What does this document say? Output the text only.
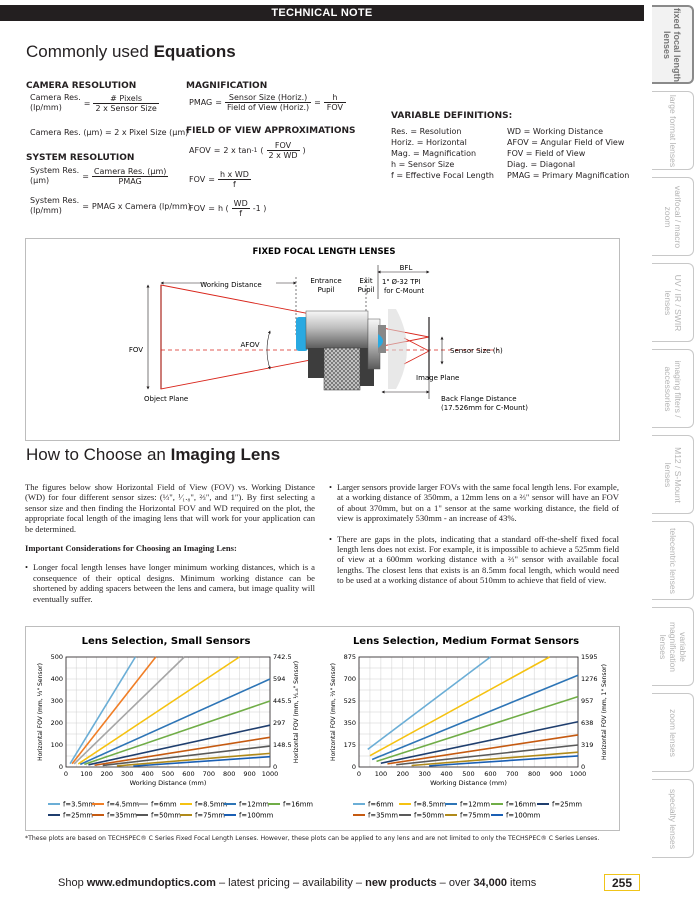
TECHNICAL NOTE	fixed focal length lenses
large format lenses
varifocal / macro zoom
UV / IR / SWIR lenses
imaging filters / accessories
M12 / S-Mount lenses
telecentric lenses
variable magnification lenses
zoom lenses
specialty lenses
Commonly used Equations
CAMERA RESOLUTION
Camera Res.
(lp/mm)	= $\frac{\text{\# Pixels}}{\text{2 x Sensor Size}}$
Camera Res. (µm) = 2 x Pixel Size (µm)
SYSTEM RESOLUTION
System Res.
(µm)	= $\frac{\text{Camera Res. (µm)}}{\text{PMAG}}$
System Res.
(lp/mm)	= PMAG x Camera (lp/mm)
MAGNIFICATION
PMAG = $\frac{\text{Sensor Size (Horiz.)}}{\text{Field of View (Horiz.)}} = \frac{h}{\text{FOV}}$
FIELD OF VIEW APPROXIMATIONS
AFOV = 2 x tan -1 ( $\frac{\text{FOV}}{\text{2 x WD}}$ )
FOV = $\frac{\text{h x WD}}{f}$
FOV = h ( $\frac{WD}{f} -1$ )
VARIABLE DEFINITIONS:
Res. = Resolution
Horiz. = Horizontal
Mag. = Magnification
h = Sensor Size
f = Effective Focal Length
WD = Working Distance
AFOV = Angular Field of View
FOV = Field of View
Diag. = Diagonal
PMAG = Primary Magnification
FIXED FOCAL LENGTH LENSES
FOV
Working Distance	Entrance
Pupil
Exit
Pupil
BFL
1" Ø-32 TPI
for C-Mount
AFOV
Sensor Size (h)
Image Plane
Object Plane	Back Flange Distance
(17.526mm for C-Mount)
How to Choose an Imaging Lens

The figures below show Horizontal Field of View (FOV) vs. Working Distance (WD) for four different sensor sizes: (⅓", ¹⁄₁.₈", ⅔", and 1"). By first selecting a sensor size and then finding the Horizontal FOV and WD required on the plot, the appropriate focal length of the imaging lens that will work for your application can be determined.

Important Considerations for Choosing an Imaging Lens:
• Longer focal length lenses have longer minimum working distances, which is a consequence of their optical designs. Minimum working distance can be shortened by adding spacers between the lens and camera, but image quality will eventually suffer.
• Larger sensors provide larger FOVs with the same focal length lens. For example, at a working distance of 350mm, a 12mm lens on a ⅔" sensor will have an FOV of about 370mm, but on a 1" sensor at the same working distance, the field of view is approximately 530mm - an increase of 43%.
• There are gaps in the plots, indicating that a standard off-the-shelf fixed focal length lens does not exist. For example, it is impossible to achieve a 525mm field of view at a 600mm working distance with a ⅔" sensor with available focal lengths. The closest lens that exists is an 8.5mm focal length, which would need to be used at a working distance of about 510mm to achieve that field of view.
Lens Selection, Small Sensors
0 100 200 300 400 500 600 700 800 900 1000
0
100
200
300
400
500
0
148.5
297
445.5
594
742.5
Working Distance (mm)
Horizontal FOV (mm, ⅓" Sensor)	Horizontal FOV (mm, ¹⁄₁.₈" Sensor)
f=3.5mm f=4.5mm f=6mm	f=8.5mm f=12mm f=16mm
f=25mm f=35mm f=50mm f=75mm f=100mm
Lens Selection, Medium Format Sensors
0 100 200 300 400 500 600 700 800 900 1000
0
175
350
525
700
875
0
319
638
957
1276
1595
Working Distance (mm)
Horizontal FOV (mm, ⅔" Sensor)	Horizontal FOV (mm, 1" Sensor)
f=6mm	f=8.5mm f=12mm f=16mm f=25mm
f=35mm f=50mm f=75mm f=100mm
*These plots are based on TECHSPEC® C Series Fixed Focal Length Lenses. However, these plots can be applied to any lens and are not limited to only the TECHSPEC® C Series Lenses.
Shop www.edmundoptics.com – latest pricing – availability – new products – over 34,000 items	255
